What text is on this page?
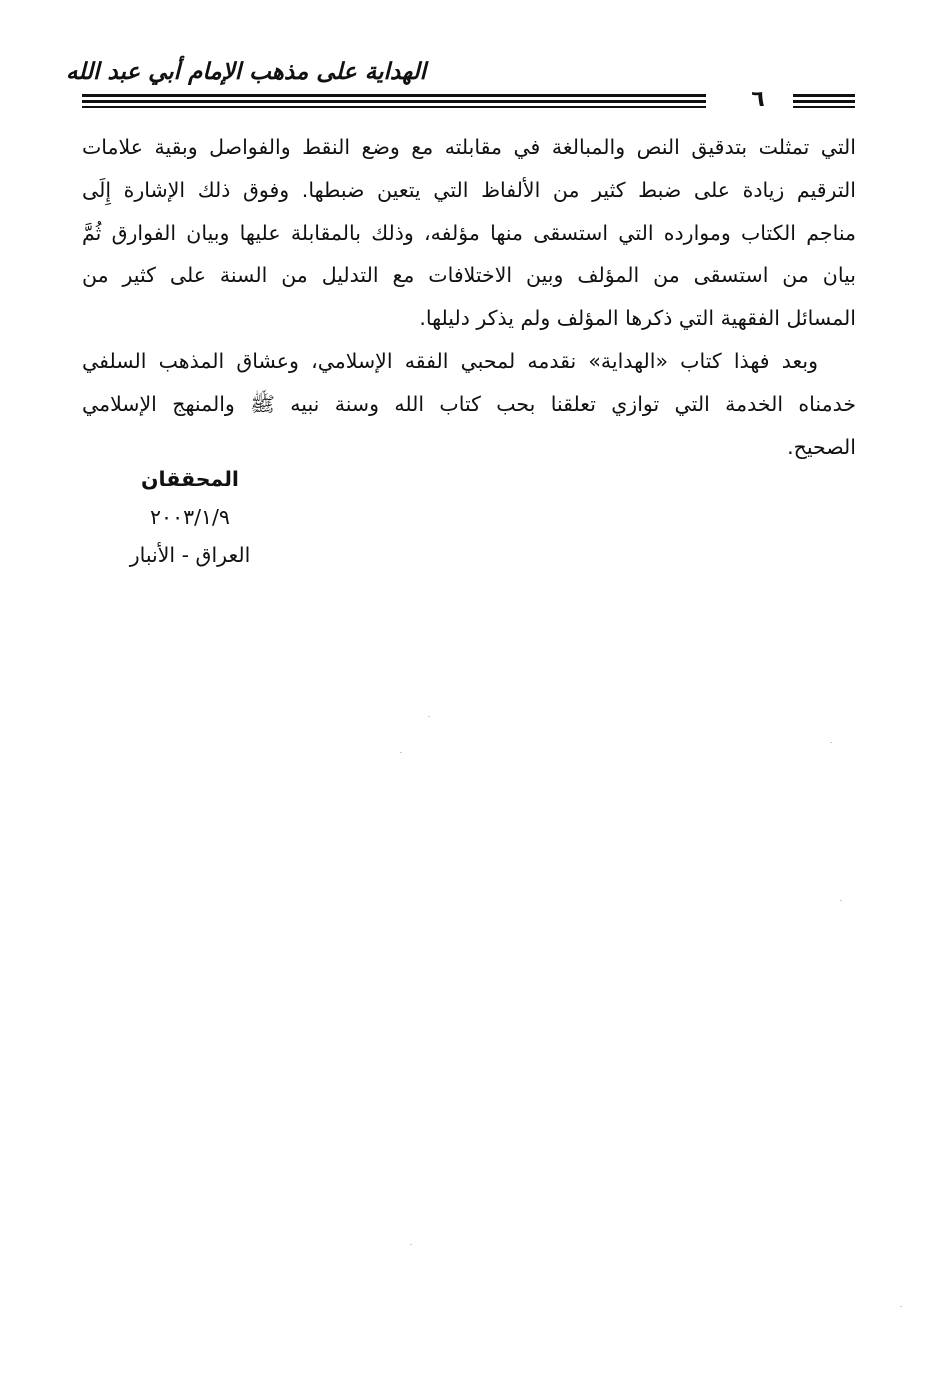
الهداية على مذهب الإمام أبي عبد الله
٦
التي تمثلت بتدقيق النص والمبالغة في مقابلته مع وضع النقط والفواصل وبقية علامات
الترقيم زيادة على ضبط كثير من الألفاظ التي يتعين ضبطها. وفوق ذلك الإشارة إِلَى
مناجم الكتاب وموارده التي استسقى منها مؤلفه، وذلك بالمقابلة عليها وبيان الفوارق ثُمَّ
بيان من استسقى من المؤلف وبين الاختلافات مع التدليل من السنة على كثير من
المسائل الفقهية التي ذكرها المؤلف ولم يذكر دليلها.
وبعد فهذا كتاب «الهداية» نقدمه لمحبي الفقه الإسلامي، وعشاق المذهب السلفي
خدمناه الخدمة التي توازي تعلقنا بحب كتاب الله وسنة نبيه ﷺ والمنهج الإسلامي
الصحيح.
المحققان
٢٠٠٣/١/٩
العراق - الأنبار
